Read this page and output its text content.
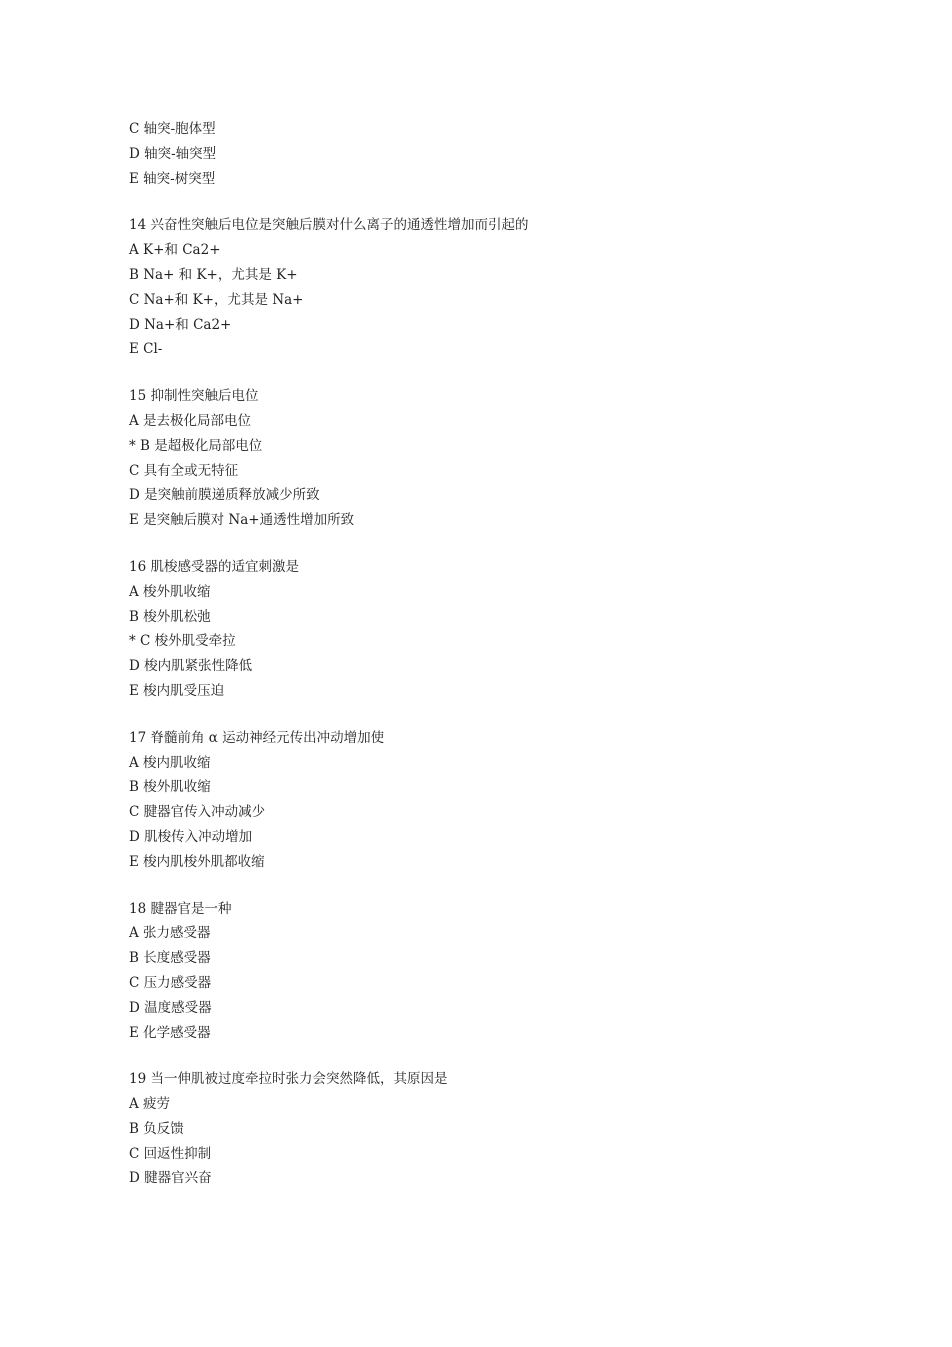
C 轴突-胞体型
D 轴突-轴突型
E 轴突-树突型
14 兴奋性突触后电位是突触后膜对什么离子的通透性增加而引起的
A K+和 Ca2+
B Na+ 和 K+，尤其是 K+
C Na+和 K+，尤其是 Na+
D Na+和 Ca2+
E Cl-
15 抑制性突触后电位
A 是去极化局部电位
* B 是超极化局部电位
C 具有全或无特征
D 是突触前膜递质释放减少所致
E 是突触后膜对 Na+通透性增加所致
16 肌梭感受器的适宜刺激是
A 梭外肌收缩
B 梭外肌松弛
* C 梭外肌受牵拉
D 梭内肌紧张性降低
E 梭内肌受压迫
17 脊髓前角 α 运动神经元传出冲动增加使
A 梭内肌收缩
B 梭外肌收缩
C 腱器官传入冲动减少
D 肌梭传入冲动增加
E 梭内肌梭外肌都收缩
18 腱器官是一种
A 张力感受器
B 长度感受器
C 压力感受器
D 温度感受器
E 化学感受器
19 当一伸肌被过度牵拉时张力会突然降低，其原因是
A 疲劳
B 负反馈
C 回返性抑制
D 腱器官兴奋
